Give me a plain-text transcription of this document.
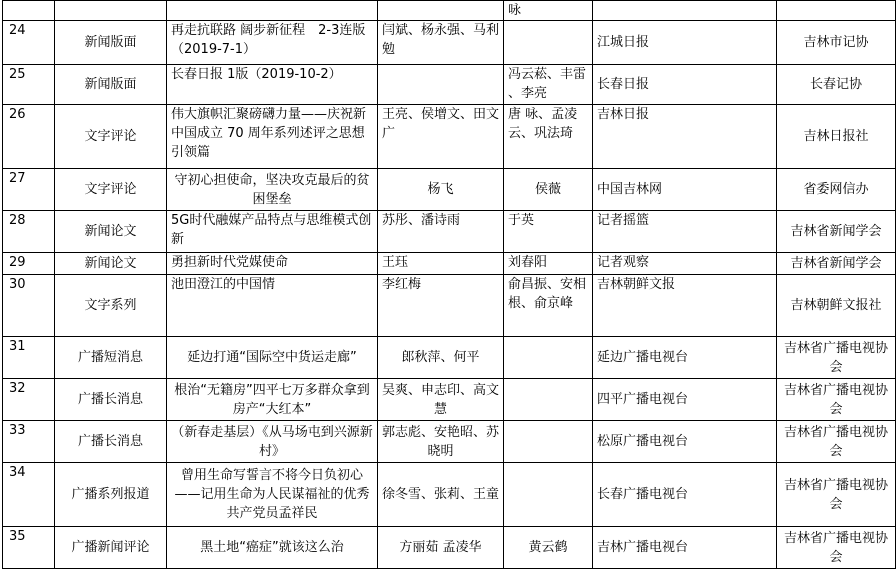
				咏		
24	新闻版面	再走抗联路 阔步新征程　2-3连版（2019-7-1）	闫斌、杨永强、马利勉		江城日报	吉林市记协
25	新闻版面	长春日报 1版（2019-10-2）		冯云菘、丰雷 、李亮	长春日报	长春记协
26	文字评论	伟大旗帜汇聚磅礴力量——庆祝新中国成立 70 周年系列述评之思想引领篇	王亮、侯增文、田文广	唐 咏、孟凌云、巩法琦	吉林日报	吉林日报社
27	文字评论	守初心担使命，坚决攻克最后的贫困堡垒	杨飞	侯薇	中国吉林网	省委网信办
28	新闻论文	5G时代融媒产品特点与思维模式创新	苏彤、潘诗雨	于英	记者摇篮	吉林省新闻学会
29	新闻论文	勇担新时代党媒使命	王珏	刘春阳	记者观察	吉林省新闻学会
30	文字系列	池田澄江的中国情	李红梅	俞昌振、安相根、俞京峰	吉林朝鲜文报	吉林朝鲜文报社
31	广播短消息	延边打通“国际空中货运走廊”	郎秋萍、何平		延边广播电视台	吉林省广播电视协会
32	广播长消息	根治“无籍房”四平七万多群众拿到房产“大红本”	吴爽、申志印、高文慧		四平广播电视台	吉林省广播电视协会
33	广播长消息	（新春走基层）《从马场屯到兴源新村》	郭志彪、安艳昭、苏晓明		松原广播电视台	吉林省广播电视协会
34	广播系列报道	曾用生命写誓言不将今日负初心——记用生命为人民谋福祉的优秀共产党员孟祥民	徐冬雪、张莉、王童		长春广播电视台	吉林省广播电视协会
35	广播新闻评论	黑土地“癌症”就该这么治	方丽茹 孟凌华	黄云鹤	吉林广播电视台	吉林省广播电视协会
